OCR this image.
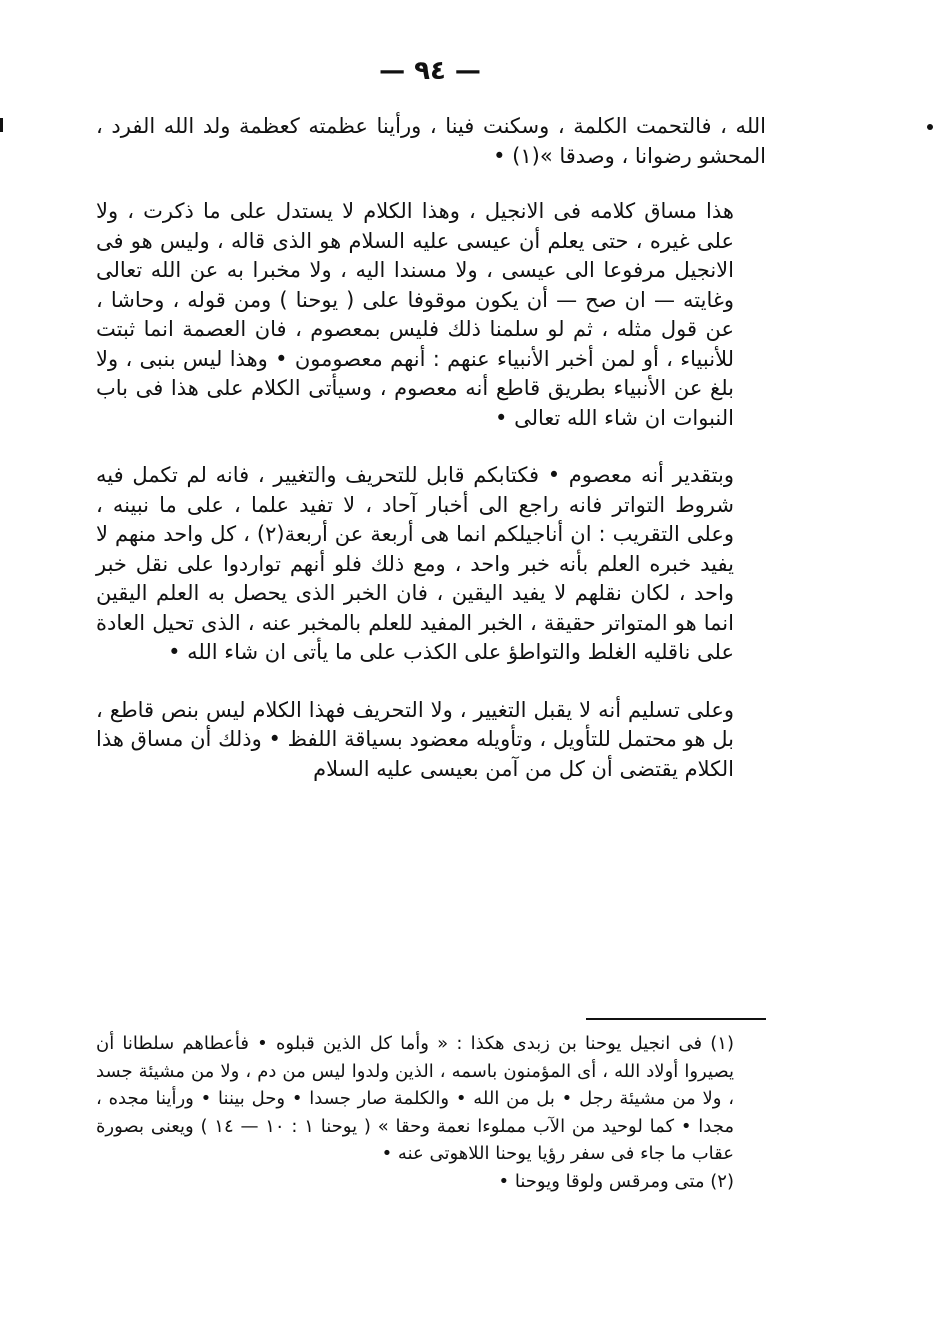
— ٩٤ —

الله ، فالتحمت الكلمة ، وسكنت فينا ، ورأينا عظمته كعظمة ولد الله الفرد ، المحشو رضوانا ، وصدقا »(١) •

هذا مساق كلامه فى الانجيل ، وهذا الكلام لا يستدل على ما ذكرت ، ولا على غيره ، حتى يعلم أن عيسى عليه السلام هو الذى قاله ، وليس هو فى الانجيل مرفوعا الى عيسى ، ولا مسندا اليه ، ولا مخبرا به عن الله تعالى وغايته — ان صح — أن يكون موقوفا على ( يوحنا ) ومن قوله ، وحاشا ، عن قول مثله ، ثم لو سلمنا ذلك فليس بمعصوم ، فان العصمة انما ثبتت للأنبياء ، أو لمن أخبر الأنبياء عنهم : أنهم معصومون • وهذا ليس بنبى ، ولا بلغ عن الأنبياء بطريق قاطع أنه معصوم ، وسيأتى الكلام على هذا فى باب النبوات ان شاء الله تعالى •

وبتقدير أنه معصوم • فكتابكم قابل للتحريف والتغيير ، فانه لم تكمل فيه شروط التواتر فانه راجع الى أخبار آحاد ، لا تفيد علما ، على ما نبينه ، وعلى التقريب : ان أناجيلكم انما هى أربعة عن أربعة(٢) ، كل واحد منهم لا يفيد خبره العلم بأنه خبر واحد ، ومع ذلك فلو أنهم تواردوا على نقل خبر واحد ، لكان نقلهم لا يفيد اليقين ، فان الخبر الذى يحصل به العلم اليقين انما هو المتواتر حقيقة ، الخبر المفيد للعلم بالمخبر عنه ، الذى تحيل العادة على ناقليه الغلط والتواطؤ على الكذب على ما يأتى ان شاء الله •

وعلى تسليم أنه لا يقبل التغيير ، ولا التحريف فهذا الكلام ليس بنص قاطع ، بل هو محتمل للتأويل ، وتأويله معضود بسياقة اللفظ • وذلك أن مساق هذا الكلام يقتضى أن كل من آمن بعيسى عليه السلام

(١) فى انجيل يوحنا بن زبدى هكذا : « وأما كل الذين قبلوه • فأعطاهم سلطانا أن يصيروا أولاد الله ، أى المؤمنون باسمه ، الذين ولدوا ليس من دم ، ولا من مشيئة جسد ، ولا من مشيئة رجل • بل من الله • والكلمة صار جسدا • وحل بيننا • ورأينا مجده ، مجدا • كما لوحيد من الآب مملوءا نعمة وحقا » ( يوحنا ١ : ١٠ — ١٤ ) ويعنى بصورة عقاب ما جاء فى سفر رؤيا يوحنا اللاهوتى عنه •

(٢) متى ومرقس ولوقا ويوحنا •
